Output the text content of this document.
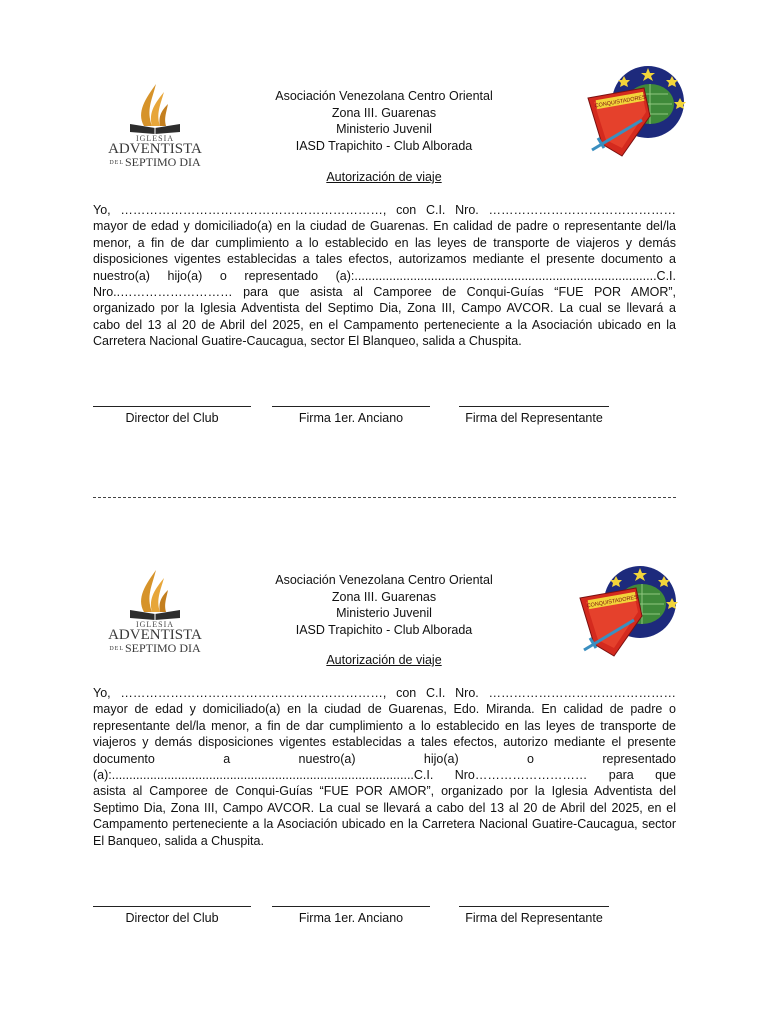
IGLESIA
ADVENTISTA
DELSEPTIMO DIA
CONQUISTADORES
Asociación Venezolana Centro Oriental
Zona III. Guarenas
Ministerio Juvenil
IASD Trapichito - Club Alborada
Autorización de viaje
Yo, ………………………………………………………, con C.I. Nro. ………………………………………
mayor de edad y domiciliado(a) en la ciudad de Guarenas. En calidad de padre o representante del/la
menor, a fin de dar cumplimiento a lo establecido en las leyes de transporte de viajeros y demás
disposiciones vigentes establecidas a tales efectos, autorizamos mediante el presente documento a
nuestro(a) hijo(a) o representado (a):.......................................................................................C.I.
Nro..……………………… para que asista al Camporee de Conqui-Guías “FUE POR AMOR”,
organizado por la Iglesia Adventista del Septimo Dia, Zona III, Campo AVCOR. La cual se llevará a
cabo del 13 al 20 de Abril del 2025, en el Campamento perteneciente a la Asociación ubicado en la
Carretera Nacional Guatire-Caucagua, sector El Blanqueo, salida a Chuspita.
Director del Club	Firma 1er. Anciano	Firma del Representante
IGLESIA
ADVENTISTA
DELSEPTIMO DIA
CONQUISTADORES
Asociación Venezolana Centro Oriental
Zona III. Guarenas
Ministerio Juvenil
IASD Trapichito - Club Alborada
Autorización de viaje
Yo, ………………………………………………………, con C.I. Nro. ………………………………………
mayor de edad y domiciliado(a) en la ciudad de Guarenas, Edo. Miranda. En calidad de padre o
representante del/la menor, a fin de dar cumplimiento a lo establecido en las leyes de transporte de
viajeros y demás disposiciones vigentes establecidas a tales efectos, autorizo mediante el presente
documento a nuestro(a) hijo(a) o representado
(a):.......................................................................................C.I. Nro……………………… para que
asista al Camporee de Conqui-Guías “FUE POR AMOR”, organizado por la Iglesia Adventista del
Septimo Dia, Zona III, Campo AVCOR. La cual se llevará a cabo del 13 al 20 de Abril del 2025, en el
Campamento perteneciente a la Asociación ubicado en la Carretera Nacional Guatire-Caucagua, sector
El Banqueo, salida a Chuspita.
Director del Club	Firma 1er. Anciano	Firma del Representante
